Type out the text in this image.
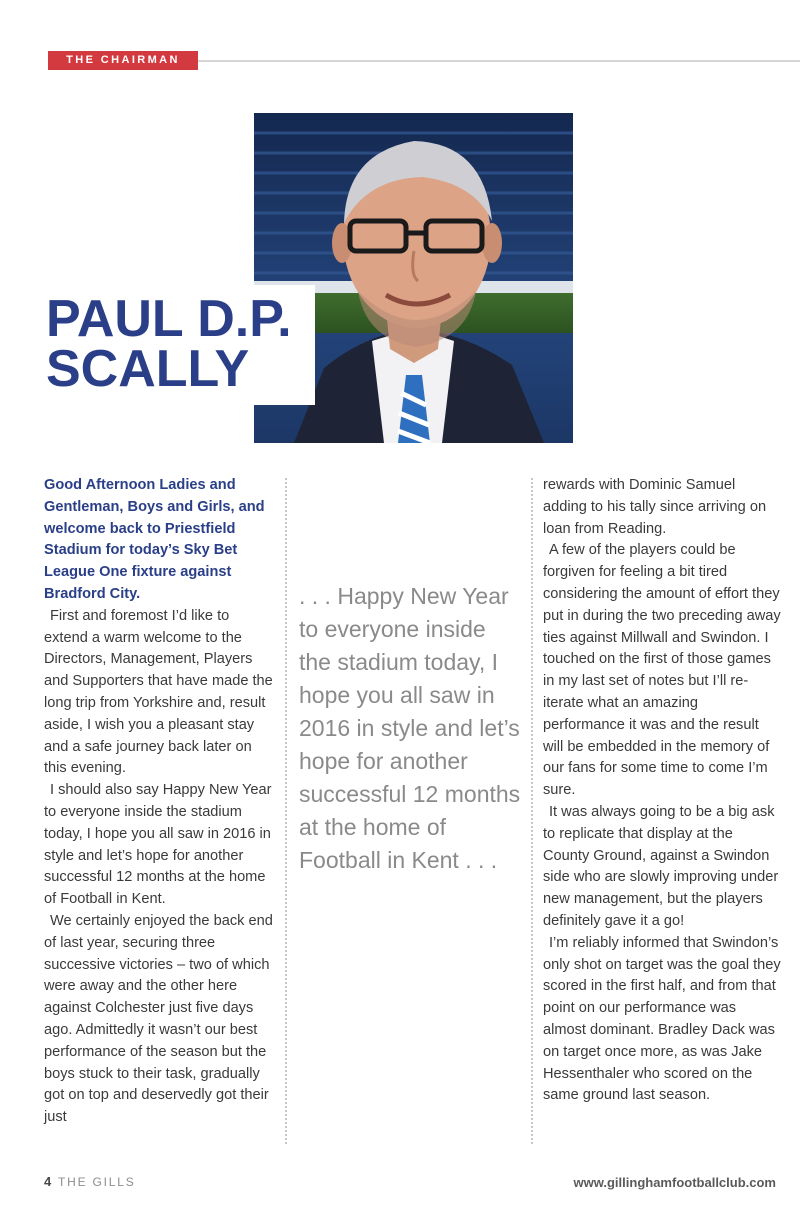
THE CHAIRMAN
PAUL D.P.
SCALLY

Good Afternoon Ladies and Gentleman, Boys and Girls, and welcome back to Priestfield Stadium for today’s Sky Bet League One fixture against Bradford City.

First and foremost I’d like to extend a warm welcome to the Directors, Management, Players and Supporters that have made the long trip from Yorkshire and, result aside, I wish you a pleasant stay and a safe journey back later on this evening.

I should also say Happy New Year to everyone inside the stadium today, I hope you all saw in 2016 in style and let’s hope for another successful 12 months at the home of Football in Kent.

We certainly enjoyed the back end of last year, securing three successive victories – two of which were away and the other here against Colchester just five days ago. Admittedly it wasn’t our best performance of the season but the boys stuck to their task, gradually got on top and deservedly got their just

. . . Happy New Year to everyone inside the stadium today, I hope you all saw in 2016 in style and let’s hope for another successful 12 months at the home of Football in Kent . . .

rewards with Dominic Samuel adding to his tally since arriving on loan from Reading.

A few of the players could be forgiven for feeling a bit tired considering the amount of effort they put in during the two preceding away ties against Millwall and Swindon. I touched on the first of those games in my last set of notes but I’ll re-iterate what an amazing performance it was and the result will be embedded in the memory of our fans for some time to come I’m sure.

It was always going to be a big ask to replicate that display at the County Ground, against a Swindon side who are slowly improving under new management, but the players definitely gave it a go!

I’m reliably informed that Swindon’s only shot on target was the goal they scored in the first half, and from that point on our performance was almost dominant. Bradley Dack was on target once more, as was Jake Hessenthaler who scored on the same ground last season.

4 THE GILLS	www.gillinghamfootballclub.com
